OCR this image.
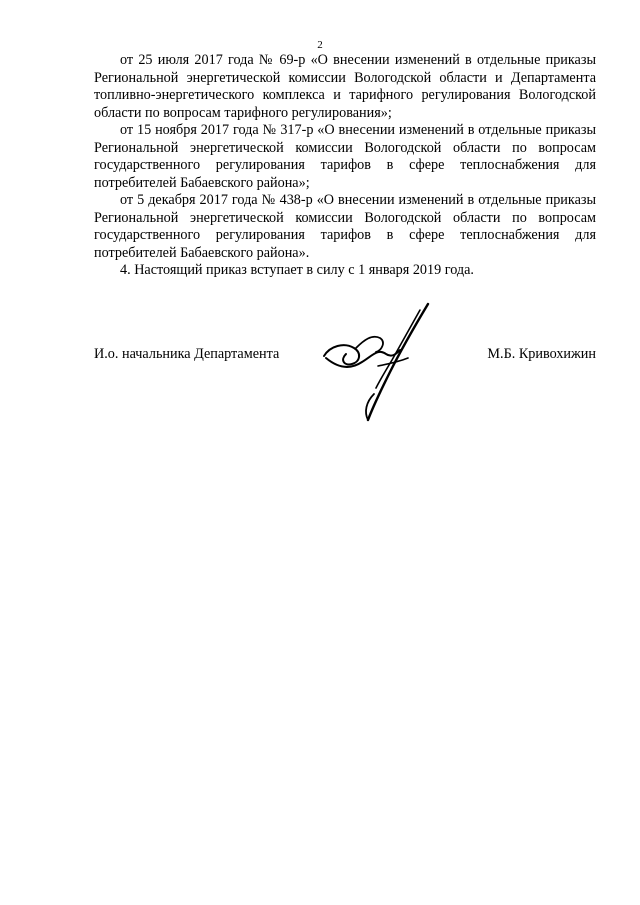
2

от 25 июля 2017 года № 69-р «О внесении изменений в отдельные приказы Региональной энергетической комиссии Вологодской области и Департамента топливно-энергетического комплекса и тарифного регулирования Вологодской области по вопросам тарифного регулирования»;

от 15 ноября 2017 года № 317-р «О внесении изменений в отдельные приказы Региональной энергетической комиссии Вологодской области по вопросам государственного регулирования тарифов в сфере теплоснабжения для потребителей Бабаевского района»;

от 5 декабря 2017 года № 438-р «О внесении изменений в отдельные приказы Региональной энергетической комиссии Вологодской области по вопросам государственного регулирования тарифов в сфере теплоснабжения для потребителей Бабаевского района».

4. Настоящий приказ вступает в силу с 1 января 2019 года.

И.о. начальника Департамента	М.Б. Кривохижин
